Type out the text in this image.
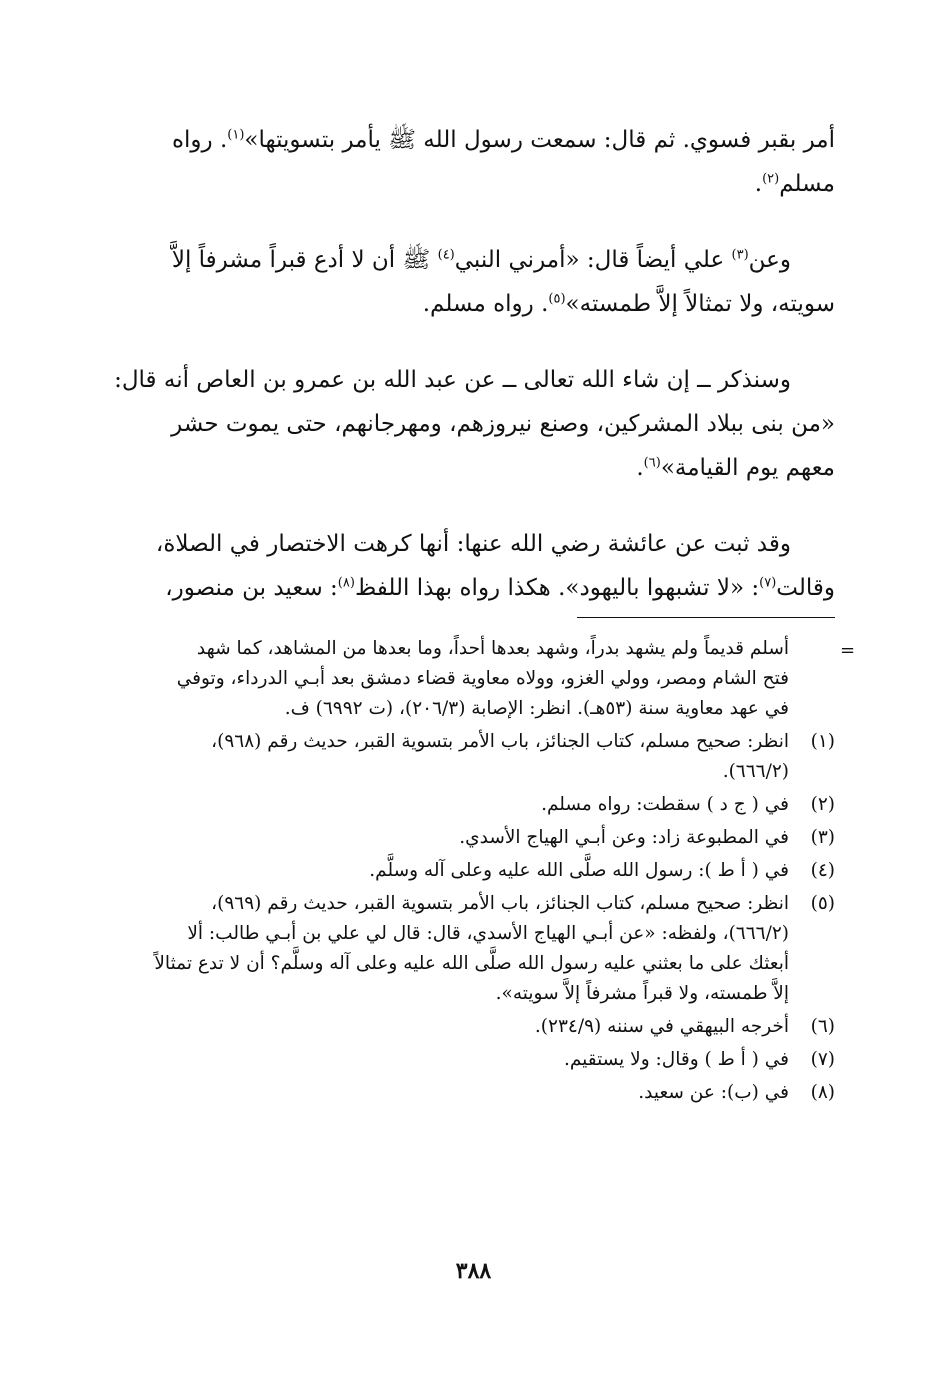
أمر بقبر فسوي. ثم قال: سمعت رسول الله ﷺ يأمر بتسويتها»$^{(١)}$. رواه

مسلم$^{(٢)}$.

وعن$^{(٣)}$ علي أيضاً قال: «أمرني النبي$^{(٤)}$ ﷺ أن لا أدع قبراً مشرفاً إلاَّ

سويته، ولا تمثالاً إلاَّ طمسته»$^{(٥)}$. رواه مسلم.

وسنذكر ــ إن شاء الله تعالى ــ عن عبد الله بن عمرو بن العاص أنه قال:

«من بنى ببلاد المشركين، وصنع نيروزهم، ومهرجانهم، حتى يموت حشر

معهم يوم القيامة»$^{(٦)}$.

وقد ثبت عن عائشة رضي الله عنها: أنها كرهت الاختصار في الصلاة،

وقالت$^{(٧)}$: «لا تشبهوا باليهود». هكذا رواه بهذا اللفظ$^{(٨)}$: سعيد بن منصور،

=

أسلم قديماً ولم يشهد بدراً، وشهد بعدها أحداً، وما بعدها من المشاهد، كما شهد

فتح الشام ومصر، وولي الغزو، وولاه معاوية قضاء دمشق بعد أبـي الدرداء، وتوفي

في عهد معاوية سنة (٥٣هـ). انظر: الإصابة (٢٠٦/٣)، (ت ٦٩٩٢) ف.

(١)

انظر: صحيح مسلم، كتاب الجنائز، باب الأمر بتسوية القبر، حديث رقم (٩٦٨)،

(٦٦٦/٢).

(٢)

في ( ج د ) سقطت: رواه مسلم.

(٣)

في المطبوعة زاد: وعن أبـي الهياج الأسدي.

(٤)

في ( أ ط ): رسول الله صلَّى الله عليه وعلى آله وسلَّم.

(٥)

انظر: صحيح مسلم، كتاب الجنائز، باب الأمر بتسوية القبر، حديث رقم (٩٦٩)،

(٦٦٦/٢)، ولفظه: «عن أبـي الهياج الأسدي، قال: قال لي علي بن أبـي طالب: ألا

أبعثك على ما بعثني عليه رسول الله صلَّى الله عليه وعلى آله وسلَّم؟ أن لا تدع تمثالاً

إلاَّ طمسته، ولا قبراً مشرفاً إلاَّ سويته».

(٦)

أخرجه البيهقي في سننه (٢٣٤/٩).

(٧)

في ( أ ط ) وقال: ولا يستقيم.

(٨)

في (ب): عن سعيد.

٣٨٨
